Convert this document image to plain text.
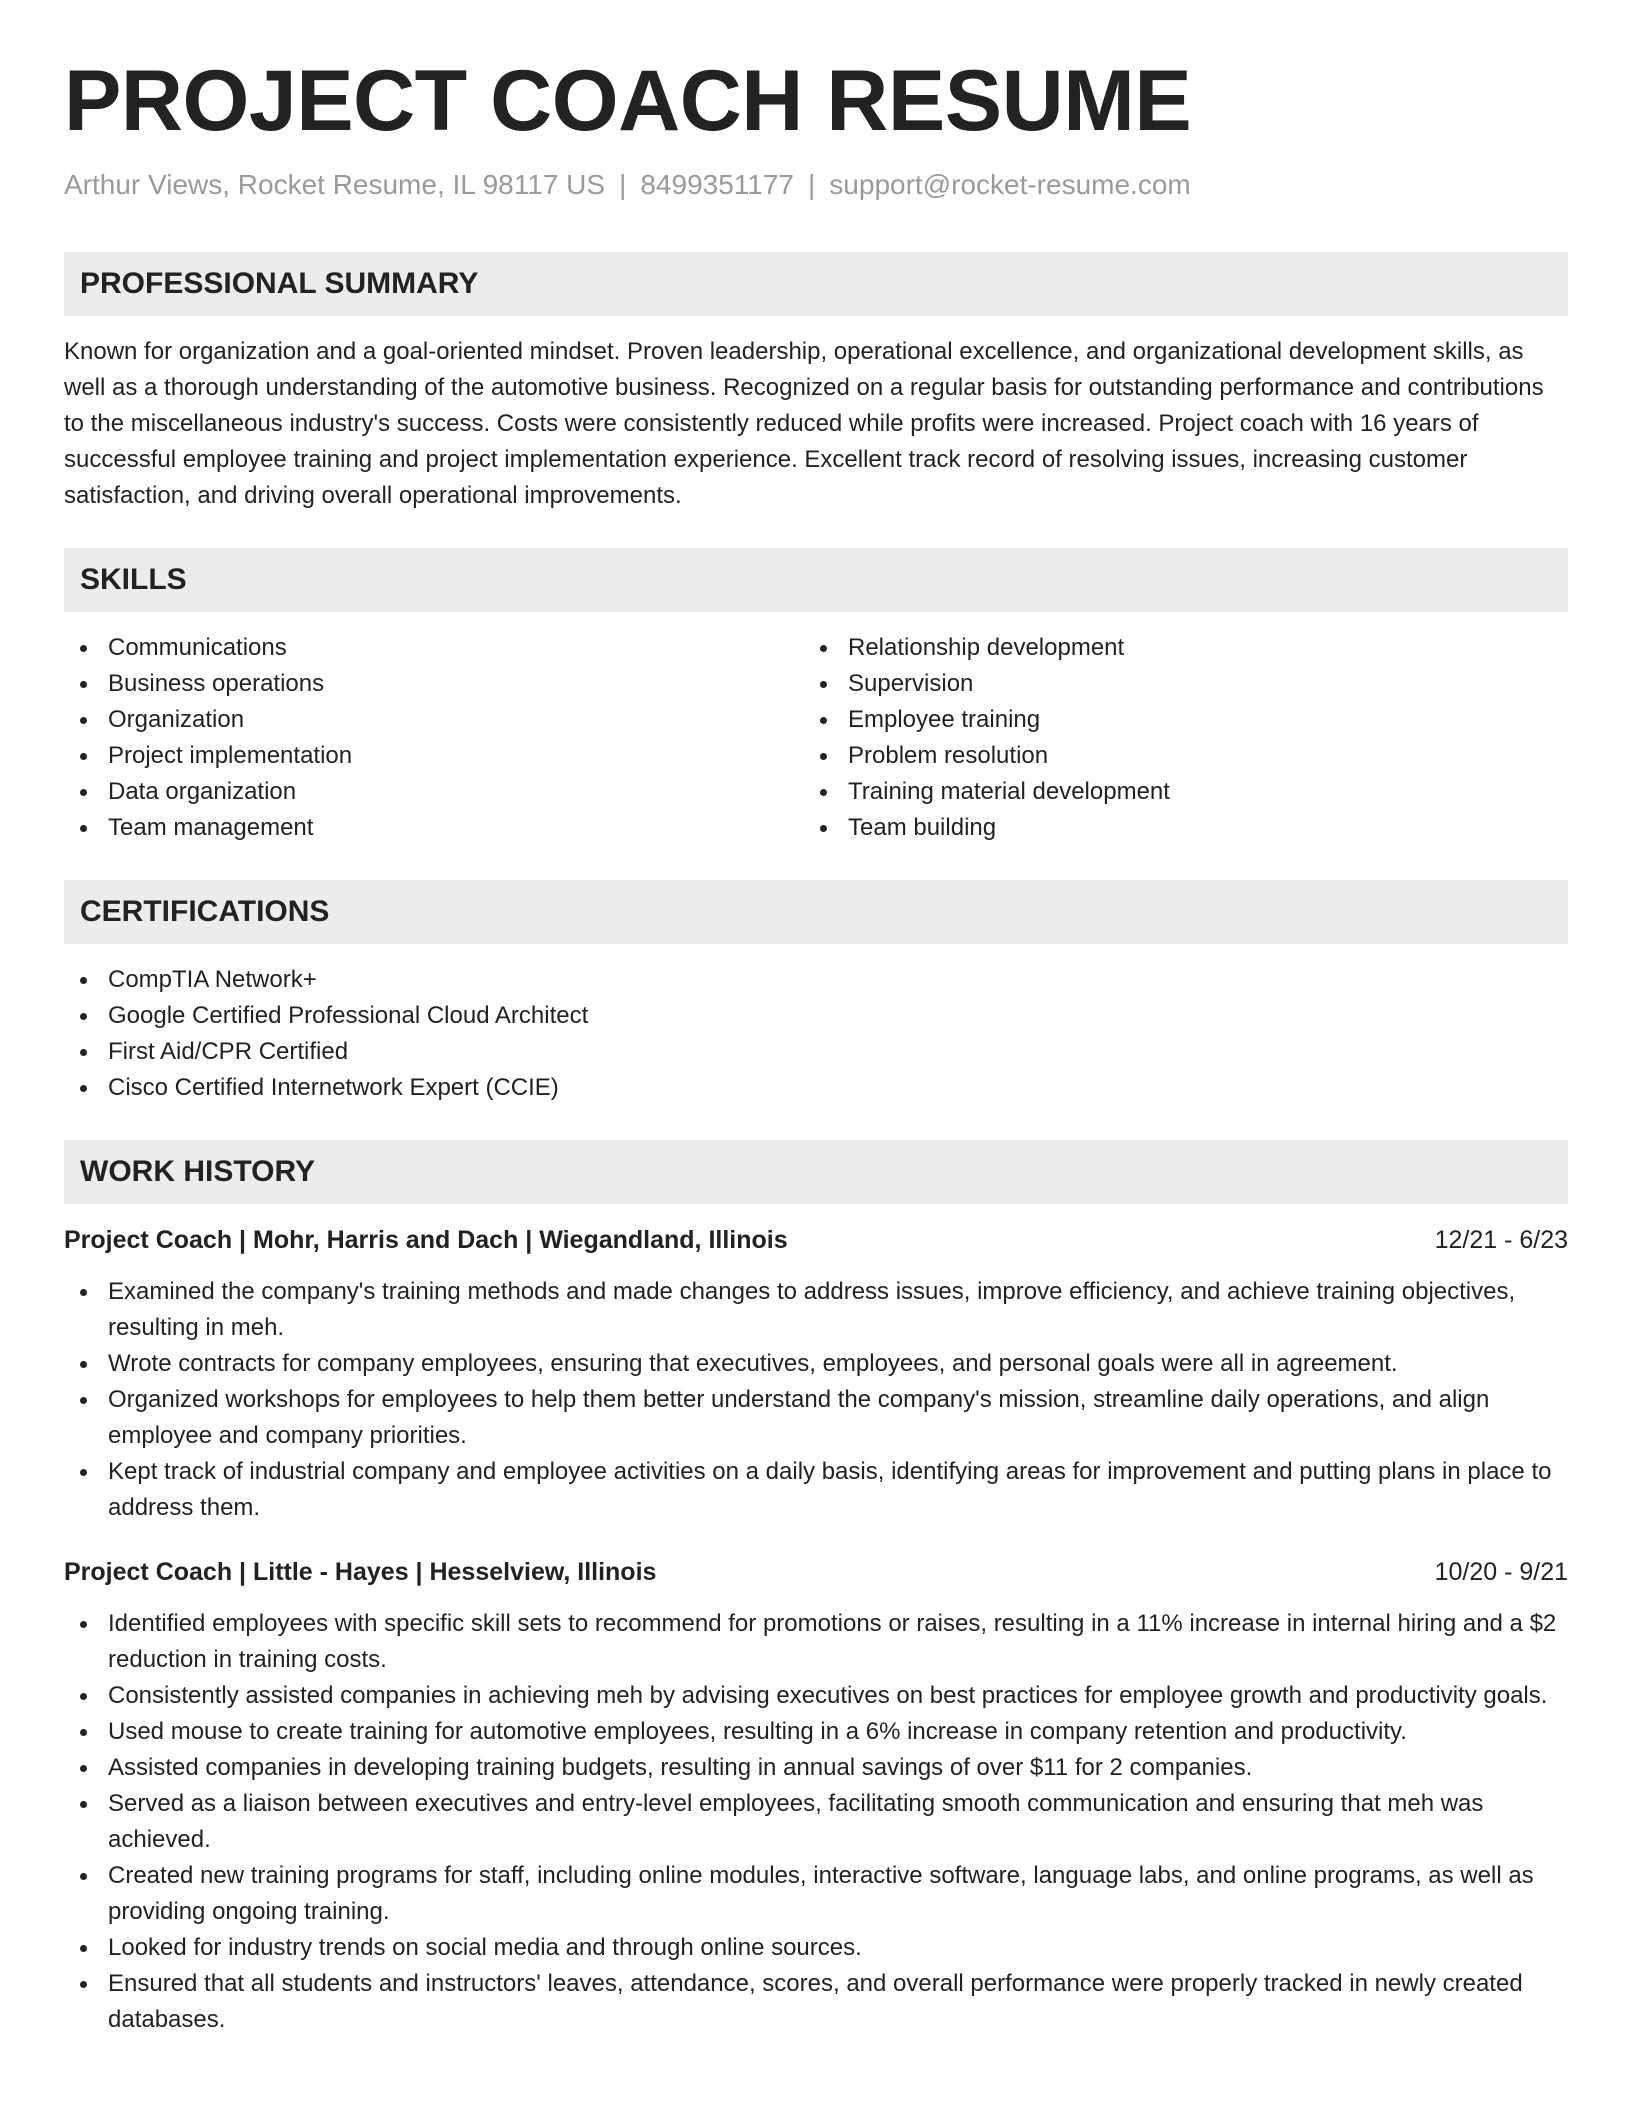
PROJECT COACH RESUME
Arthur Views, Rocket Resume, IL 98117 US | 8499351177 | support@rocket-resume.com
PROFESSIONAL SUMMARY
Known for organization and a goal-oriented mindset. Proven leadership, operational excellence, and organizational development skills, as well as a thorough understanding of the automotive business. Recognized on a regular basis for outstanding performance and contributions to the miscellaneous industry's success. Costs were consistently reduced while profits were increased. Project coach with 16 years of successful employee training and project implementation experience. Excellent track record of resolving issues, increasing customer satisfaction, and driving overall operational improvements.
SKILLS
Communications
Business operations
Organization
Project implementation
Data organization
Team management
Relationship development
Supervision
Employee training
Problem resolution
Training material development
Team building
CERTIFICATIONS
CompTIA Network+
Google Certified Professional Cloud Architect
First Aid/CPR Certified
Cisco Certified Internetwork Expert (CCIE)
WORK HISTORY
Project Coach | Mohr, Harris and Dach | Wiegandland, Illinois	12/21 - 6/23
Examined the company's training methods and made changes to address issues, improve efficiency, and achieve training objectives, resulting in meh.
Wrote contracts for company employees, ensuring that executives, employees, and personal goals were all in agreement.
Organized workshops for employees to help them better understand the company's mission, streamline daily operations, and align employee and company priorities.
Kept track of industrial company and employee activities on a daily basis, identifying areas for improvement and putting plans in place to address them.
Project Coach | Little - Hayes | Hesselview, Illinois	10/20 - 9/21
Identified employees with specific skill sets to recommend for promotions or raises, resulting in a 11% increase in internal hiring and a $2 reduction in training costs.
Consistently assisted companies in achieving meh by advising executives on best practices for employee growth and productivity goals.
Used mouse to create training for automotive employees, resulting in a 6% increase in company retention and productivity.
Assisted companies in developing training budgets, resulting in annual savings of over $11 for 2 companies.
Served as a liaison between executives and entry-level employees, facilitating smooth communication and ensuring that meh was achieved.
Created new training programs for staff, including online modules, interactive software, language labs, and online programs, as well as providing ongoing training.
Looked for industry trends on social media and through online sources.
Ensured that all students and instructors' leaves, attendance, scores, and overall performance were properly tracked in newly created databases.
